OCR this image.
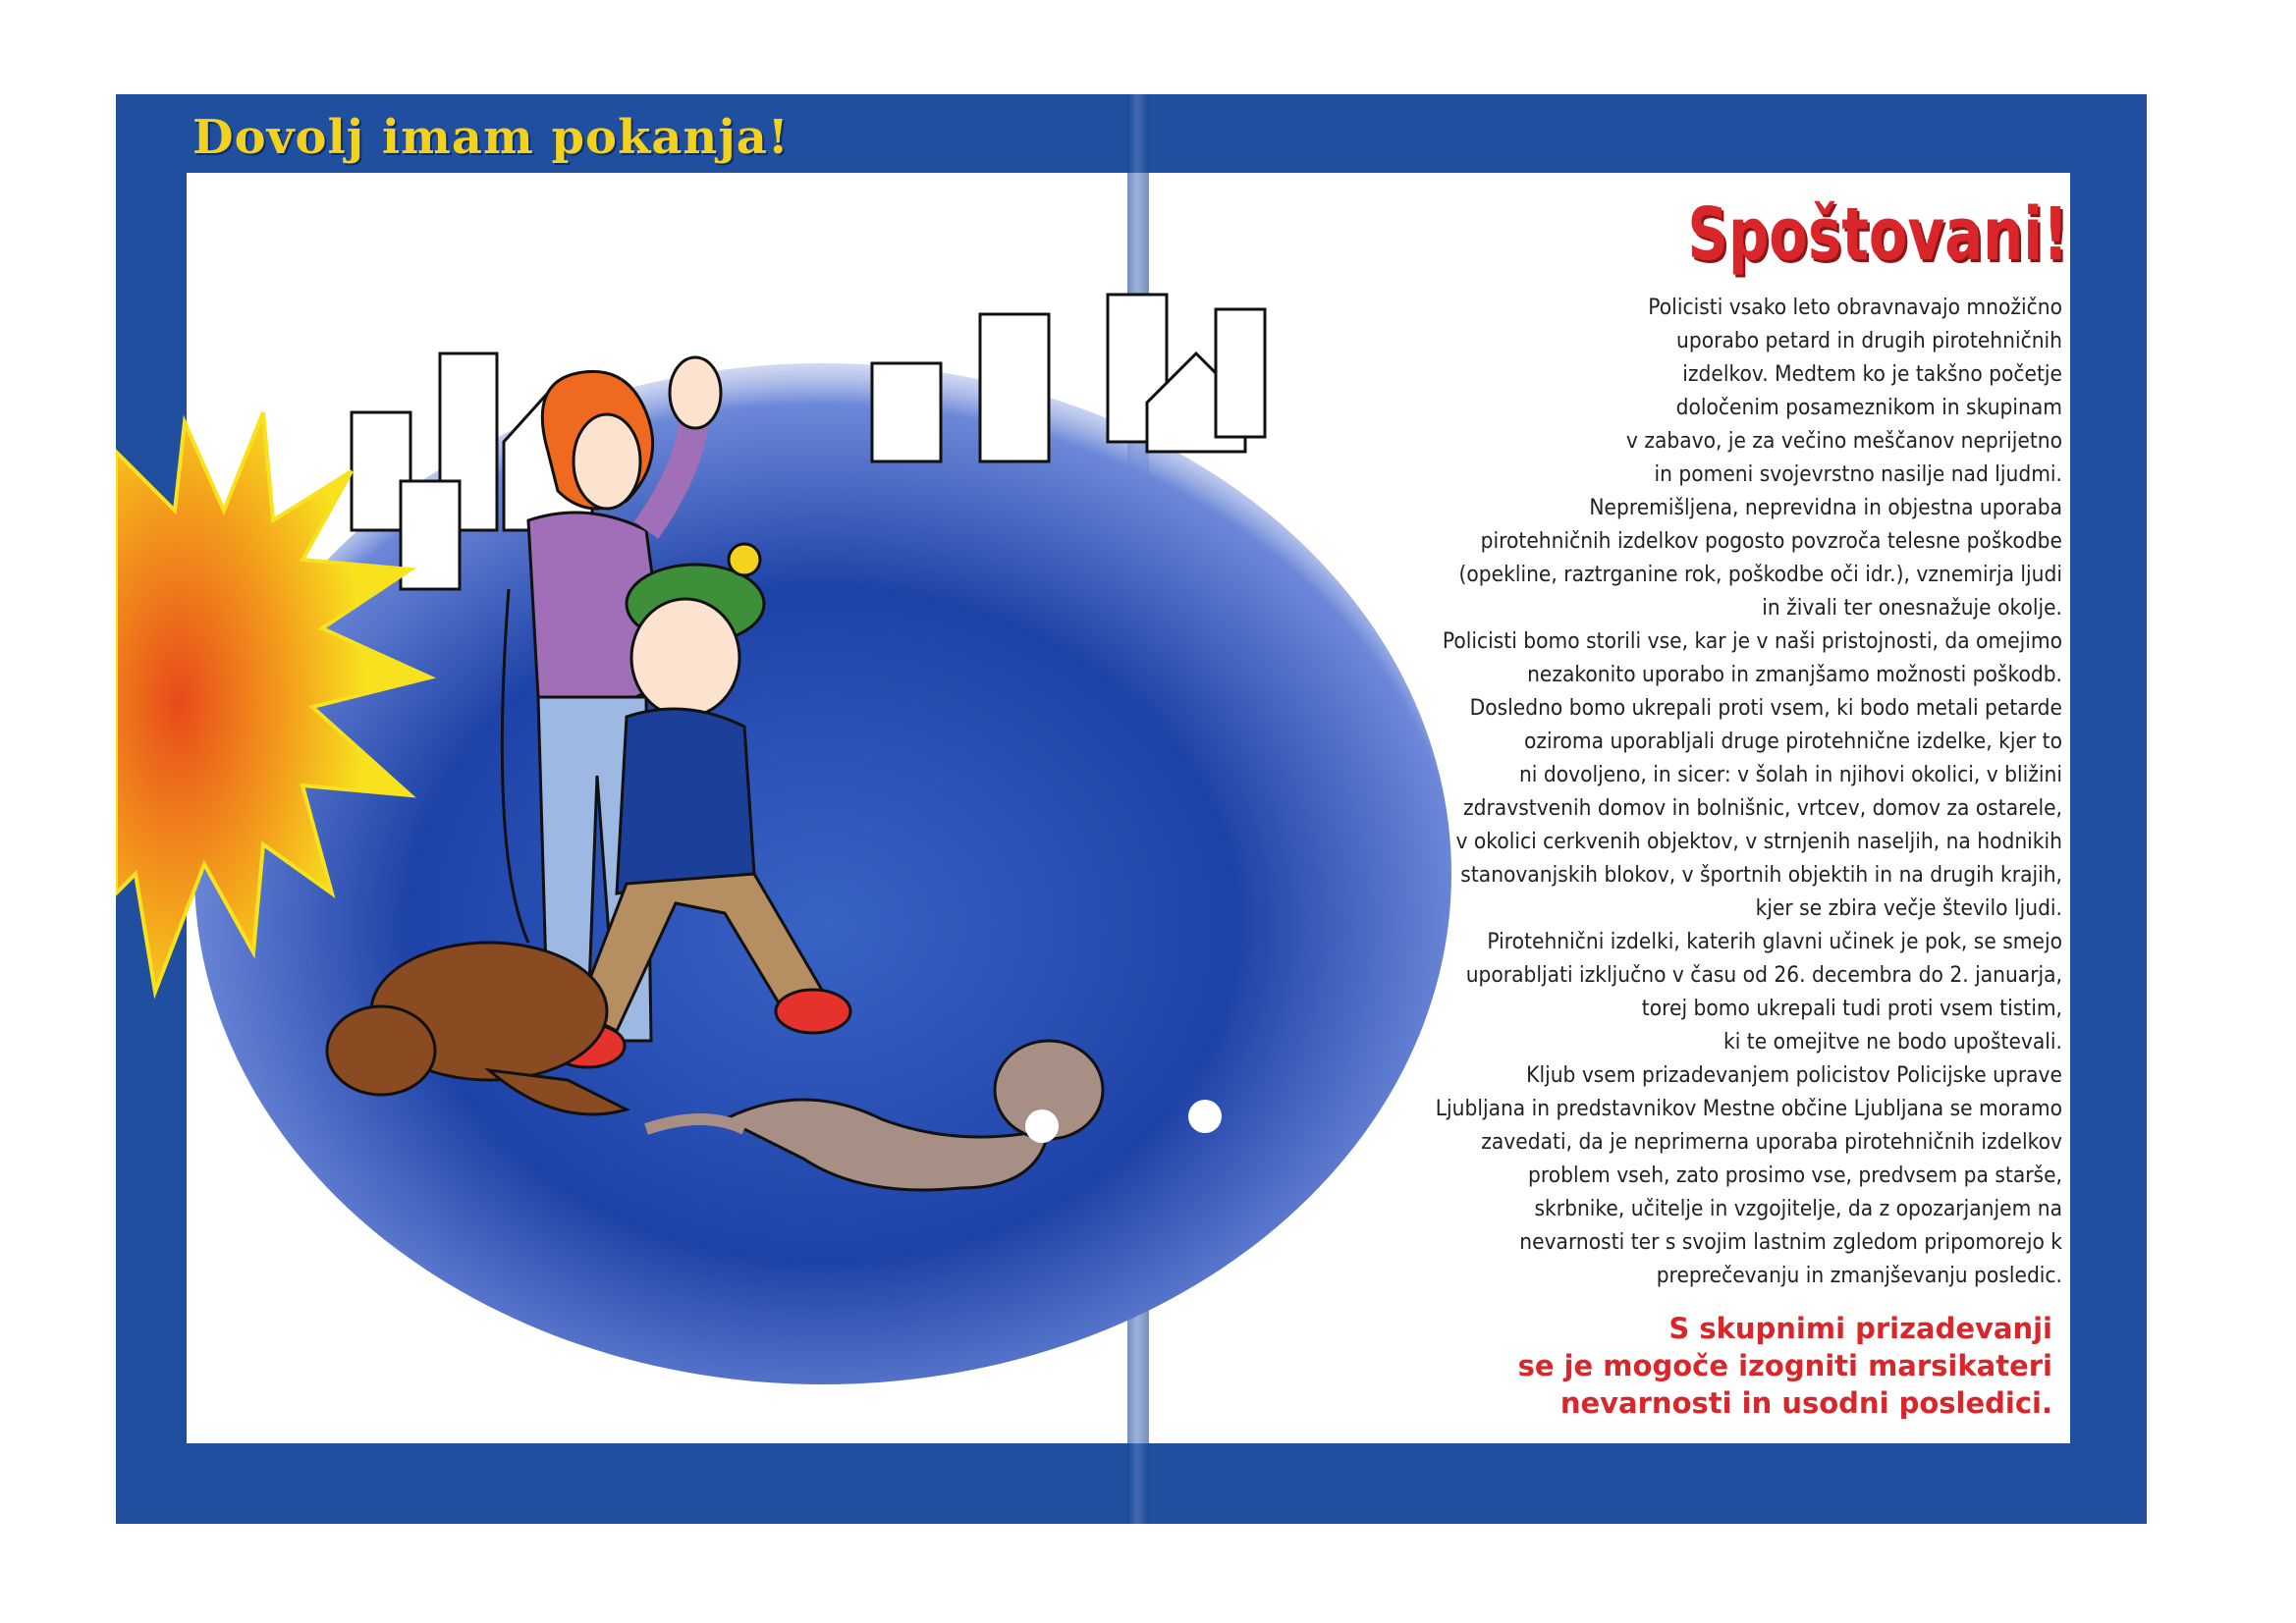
Dovolj imam pokanja!
Spoštovani!

Policisti vsako leto obravnavajo množično
uporabo petard in drugih pirotehničnih
izdelkov. Medtem ko je takšno početje
določenim posameznikom in skupinam
v zabavo, je za večino meščanov neprijetno
in pomeni svojevrstno nasilje nad ljudmi.
Nepremišljena, neprevidna in objestna uporaba
pirotehničnih izdelkov pogosto povzroča telesne poškodbe
(opekline, raztrganine rok, poškodbe oči idr.), vznemirja ljudi
in živali ter onesnažuje okolje.
Policisti bomo storili vse, kar je v naši pristojnosti, da omejimo
nezakonito uporabo in zmanjšamo možnosti poškodb.
Dosledno bomo ukrepali proti vsem, ki bodo metali petarde
oziroma uporabljali druge pirotehnične izdelke, kjer to
ni dovoljeno, in sicer: v šolah in njihovi okolici, v bližini
zdravstvenih domov in bolnišnic, vrtcev, domov za ostarele,
v okolici cerkvenih objektov, v strnjenih naseljih, na hodnikih
stanovanjskih blokov, v športnih objektih in na drugih krajih,
kjer se zbira večje število ljudi.
Pirotehnični izdelki, katerih glavni učinek je pok, se smejo
uporabljati izključno v času od 26. decembra do 2. januarja,
torej bomo ukrepali tudi proti vsem tistim,
ki te omejitve ne bodo upoštevali.
Kljub vsem prizadevanjem policistov Policijske uprave
Ljubljana in predstavnikov Mestne občine Ljubljana se moramo
zavedati, da je neprimerna uporaba pirotehničnih izdelkov
problem vseh, zato prosimo vse, predvsem pa starše,
skrbnike, učitelje in vzgojitelje, da z opozarjanjem na
nevarnosti ter s svojim lastnim zgledom pripomorejo k
preprečevanju in zmanjševanju posledic.

S skupnimi prizadevanji
se je mogoče izogniti marsikateri
nevarnosti in usodni posledici.
